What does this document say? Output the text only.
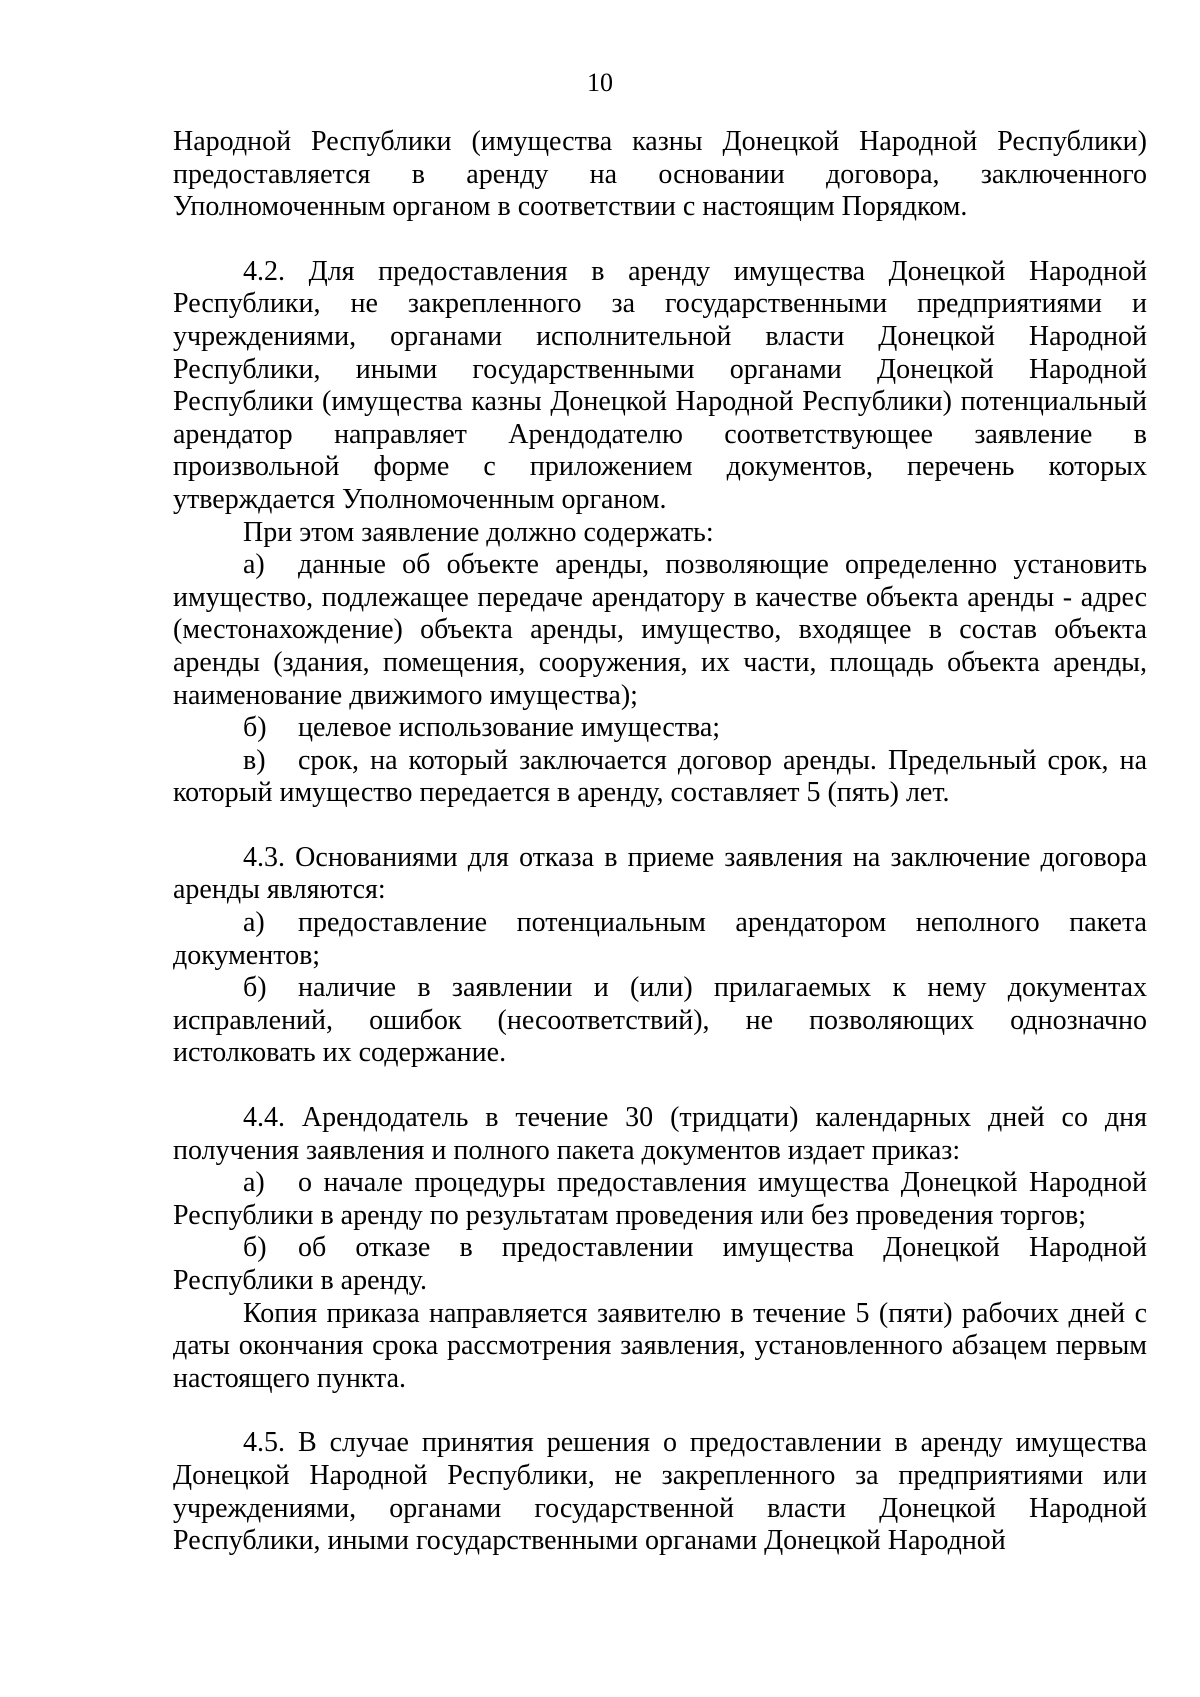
10

Народной Республики (имущества казны Донецкой Народной Республики) предоставляется в аренду на основании договора, заключенного Уполномоченным органом в соответствии с настоящим Порядком.

4.2. Для предоставления в аренду имущества Донецкой Народной Республики, не закрепленного за государственными предприятиями и учреждениями, органами исполнительной власти Донецкой Народной Республики, иными государственными органами Донецкой Народной Республики (имущества казны Донецкой Народной Республики) потенциальный арендатор направляет Арендодателю соответствующее заявление в произвольной форме с приложением документов, перечень которых утверждается Уполномоченным органом.

При этом заявление должно содержать:

а) данные об объекте аренды, позволяющие определенно установить имущество, подлежащее передаче арендатору в качестве объекта аренды - адрес (местонахождение) объекта аренды, имущество, входящее в состав объекта аренды (здания, помещения, сооружения, их части, площадь объекта аренды, наименование движимого имущества);

б) целевое использование имущества;

в) срок, на который заключается договор аренды. Предельный срок, на который имущество передается в аренду, составляет 5 (пять) лет.

4.3. Основаниями для отказа в приеме заявления на заключение договора аренды являются:

а) предоставление потенциальным арендатором неполного пакета документов;

б) наличие в заявлении и (или) прилагаемых к нему документах исправлений, ошибок (несоответствий), не позволяющих однозначно истолковать их содержание.

4.4. Арендодатель в течение 30 (тридцати) календарных дней со дня получения заявления и полного пакета документов издает приказ:

а) о начале процедуры предоставления имущества Донецкой Народной Республики в аренду по результатам проведения или без проведения торгов;

б) об отказе в предоставлении имущества Донецкой Народной Республики в аренду.

Копия приказа направляется заявителю в течение 5 (пяти) рабочих дней с даты окончания срока рассмотрения заявления, установленного абзацем первым настоящего пункта.

4.5. В случае принятия решения о предоставлении в аренду имущества Донецкой Народной Республики, не закрепленного за предприятиями или учреждениями, органами государственной власти Донецкой Народной Республики, иными государственными органами Донецкой Народной
